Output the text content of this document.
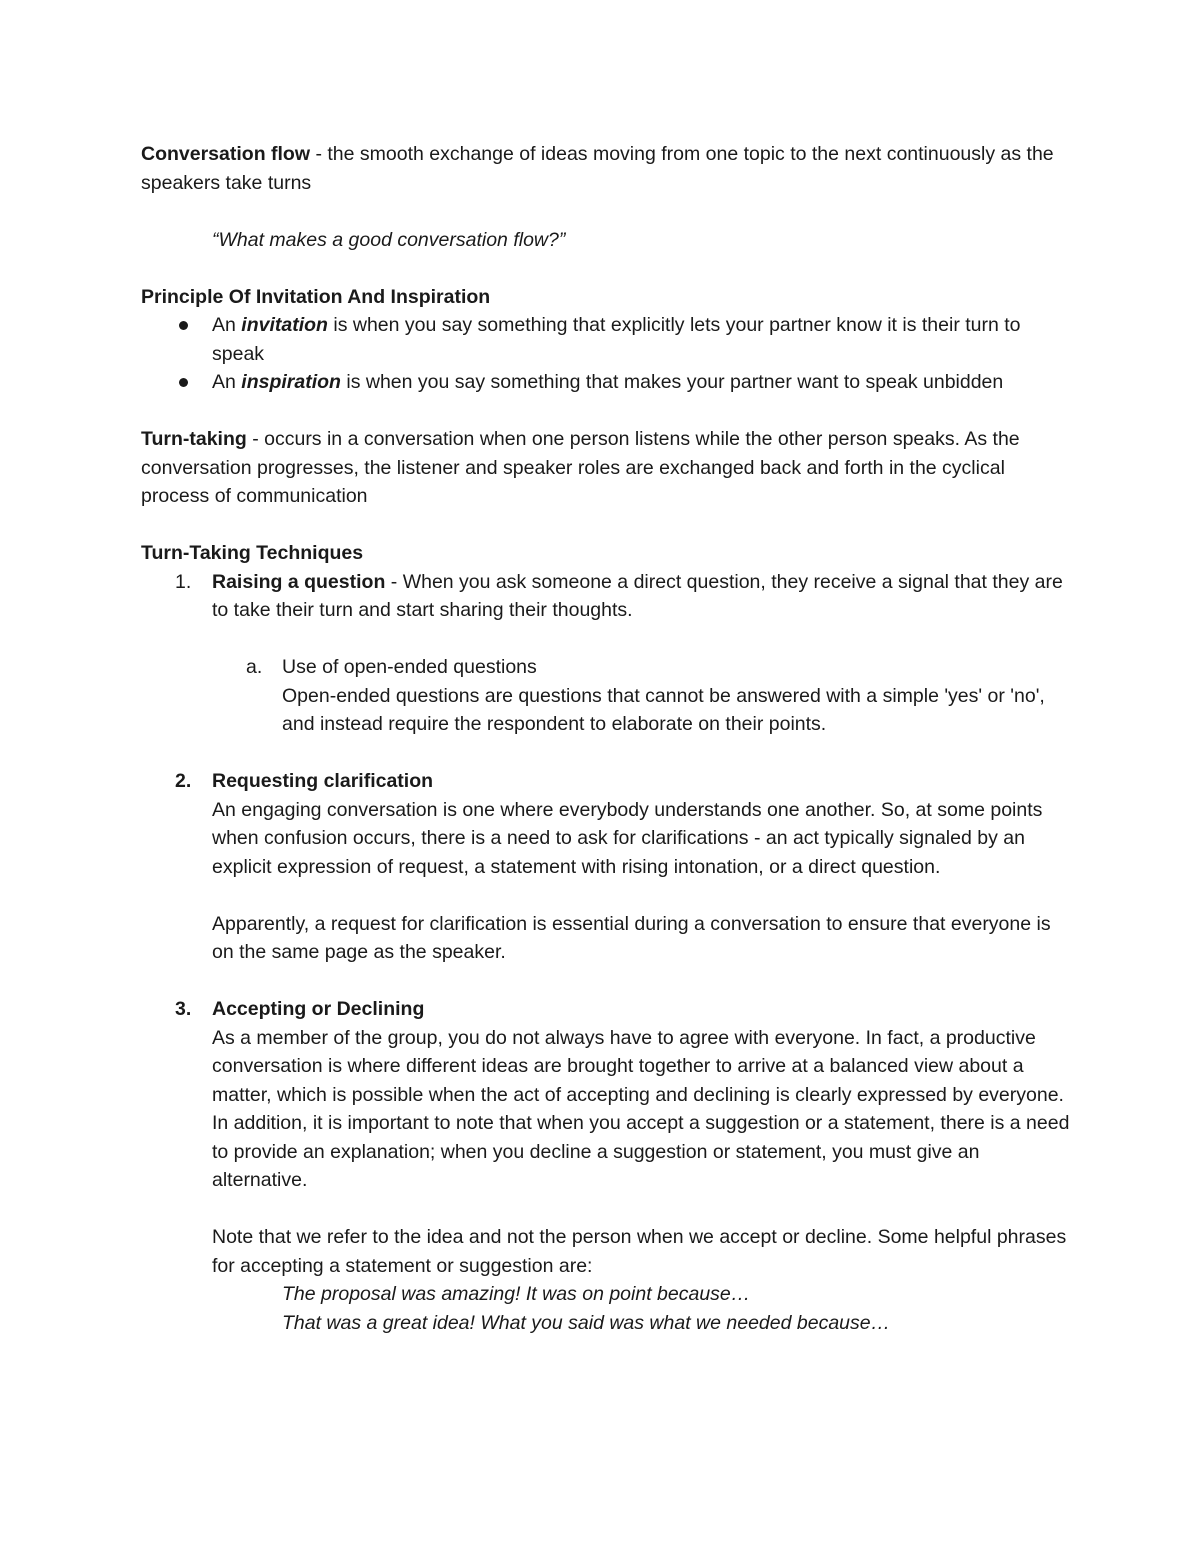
Conversation flow - the smooth exchange of ideas moving from one topic to the next continuously as the speakers take turns

“What makes a good conversation flow?”

Principle Of Invitation And Inspiration

An invitation is when you say something that explicitly lets your partner know it is their turn to speak
An inspiration is when you say something that makes your partner want to speak unbidden

Turn-taking - occurs in a conversation when one person listens while the other person speaks. As the conversation progresses, the listener and speaker roles are exchanged back and forth in the cyclical process of communication

Turn-Taking Techniques

1. Raising a question - When you ask someone a direct question, they receive a signal that they are to take their turn and start sharing their thoughts.
a. Use of open-ended questions

Open-ended questions are questions that cannot be answered with a simple 'yes' or 'no', and instead require the respondent to elaborate on their points.

2. Requesting clarification

An engaging conversation is one where everybody understands one another. So, at some points when confusion occurs, there is a need to ask for clarifications - an act typically signaled by an explicit expression of request, a statement with rising intonation, or a direct question.

Apparently, a request for clarification is essential during a conversation to ensure that everyone is on the same page as the speaker.

3. Accepting or Declining

As a member of the group, you do not always have to agree with everyone. In fact, a productive conversation is where different ideas are brought together to arrive at a balanced view about a matter, which is possible when the act of accepting and declining is clearly expressed by everyone. In addition, it is important to note that when you accept a suggestion or a statement, there is a need to provide an explanation; when you decline a suggestion or statement, you must give an alternative.

Note that we refer to the idea and not the person when we accept or decline. Some helpful phrases for accepting a statement or suggestion are:

The proposal was amazing! It was on point because…

That was a great idea! What you said was what we needed because…
